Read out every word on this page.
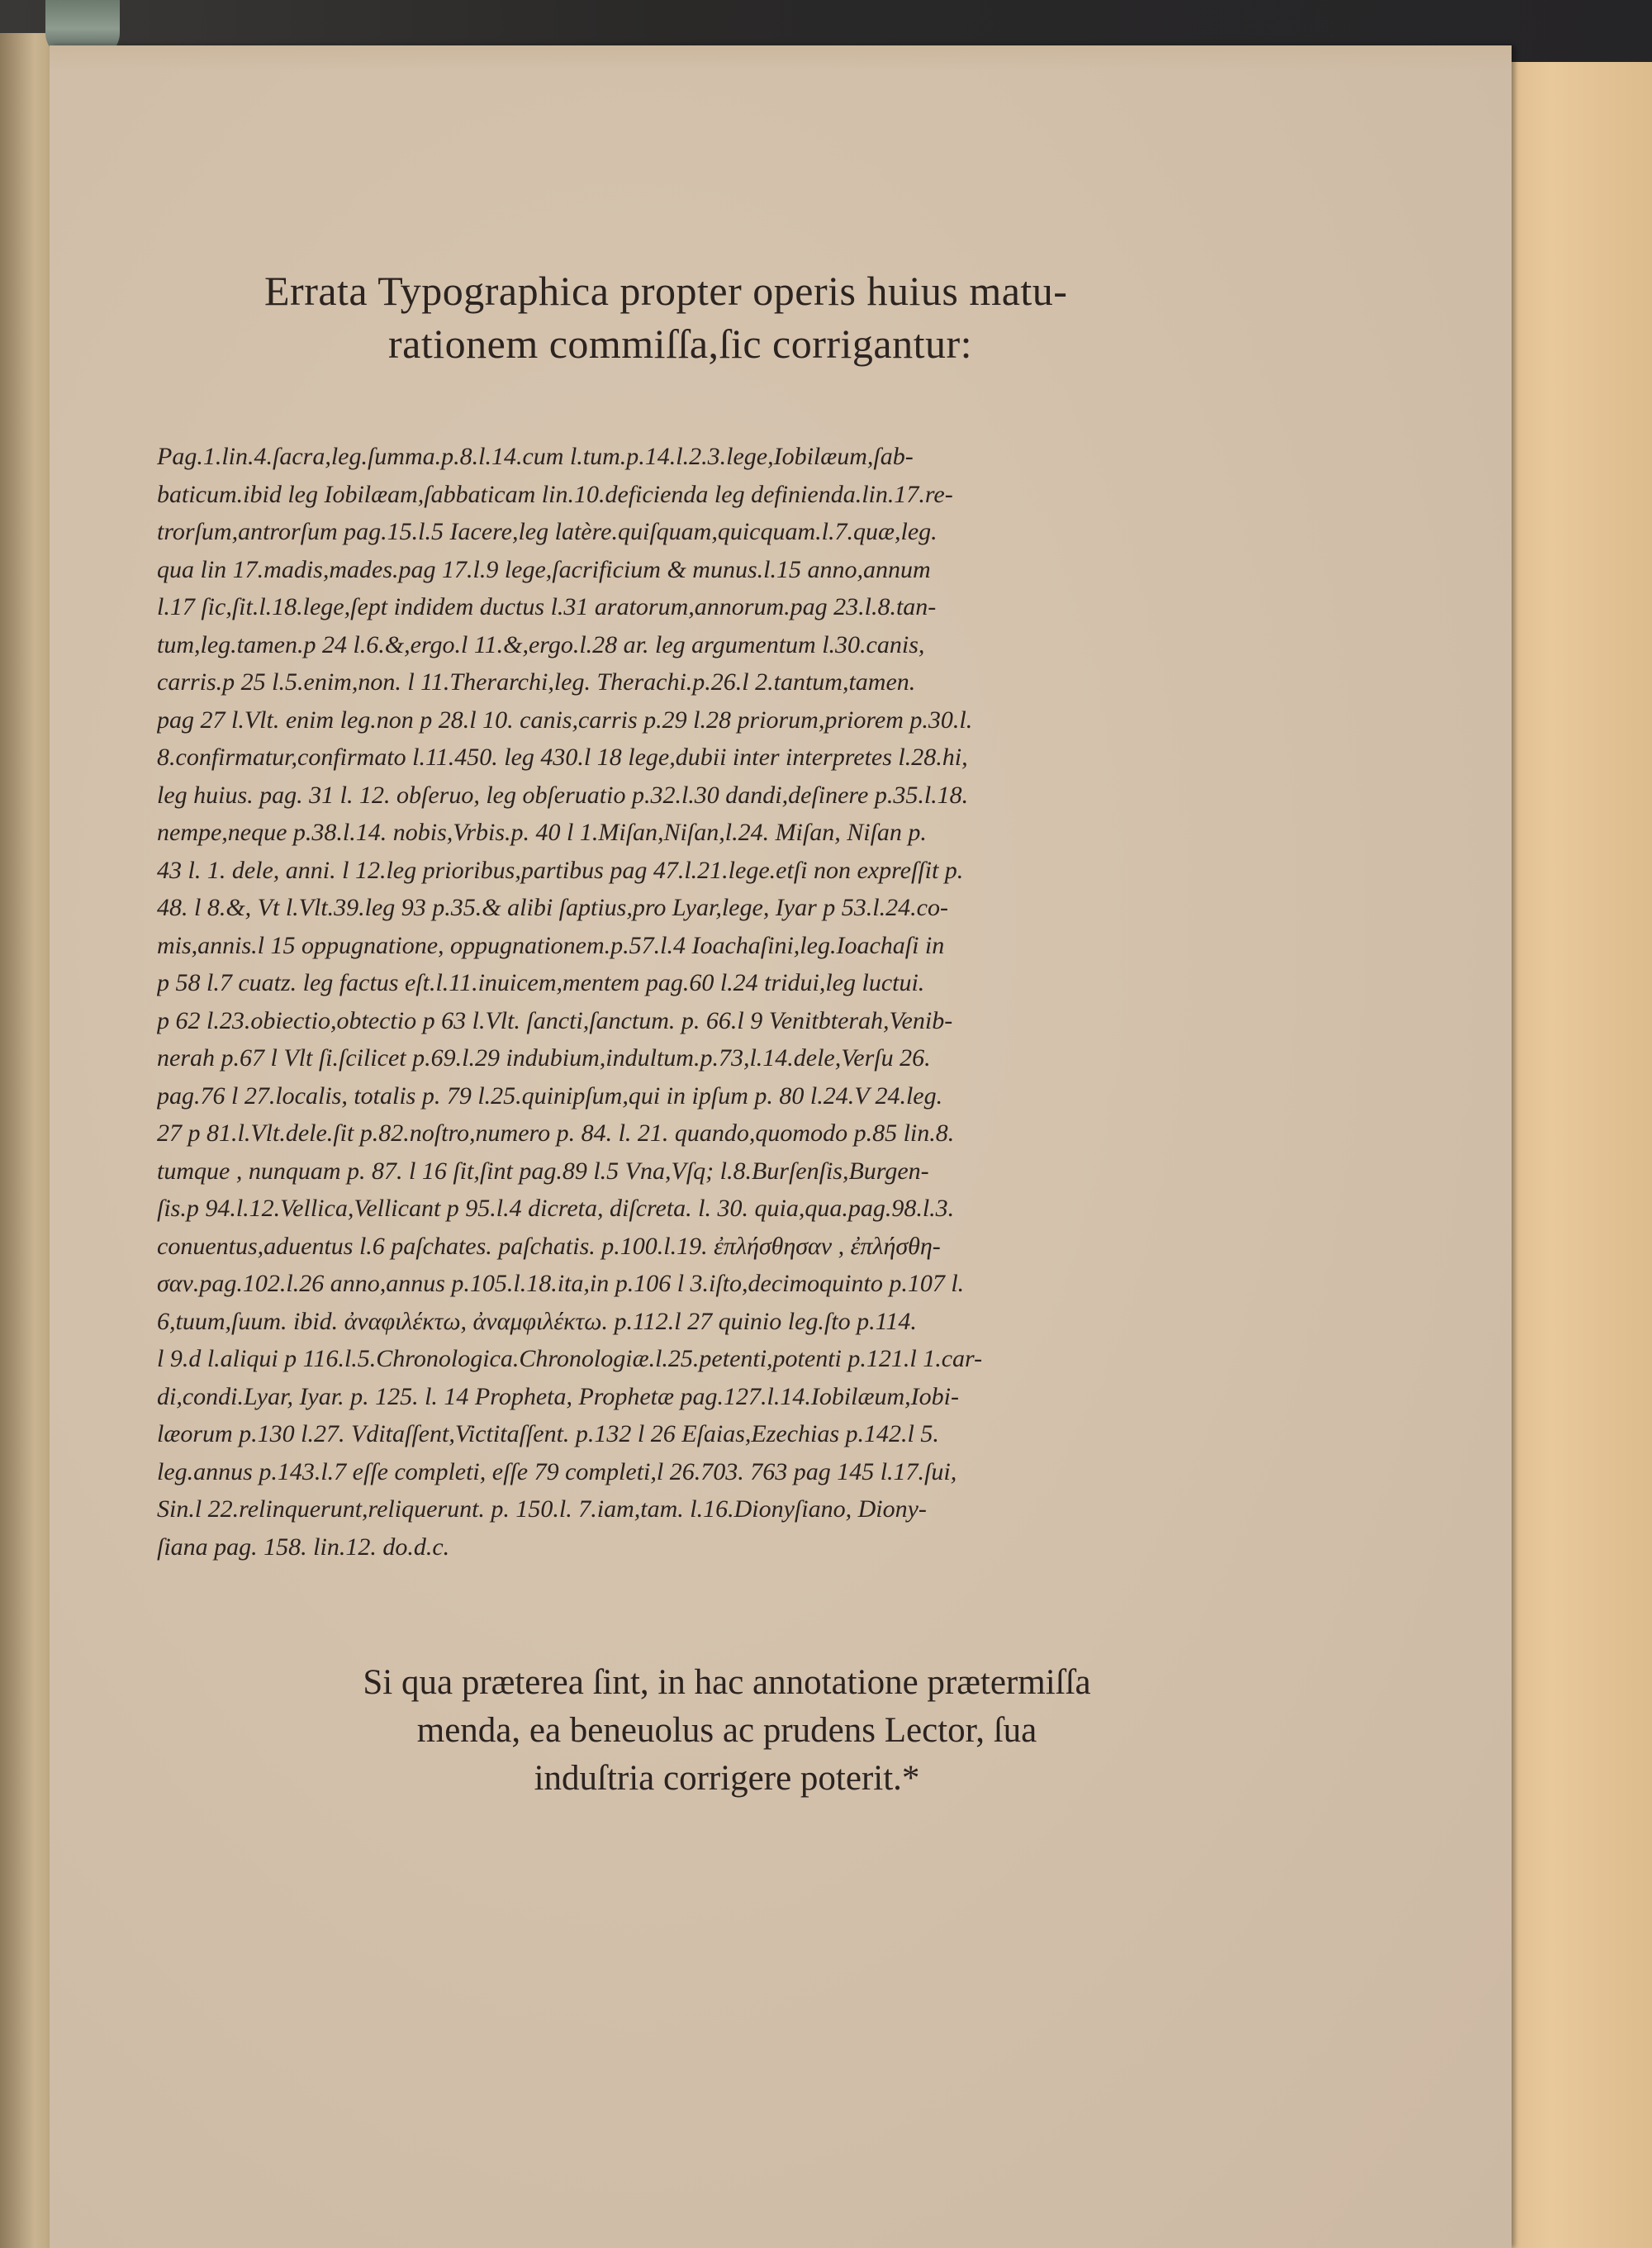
Errata Typographica propter operis huius matu-
rationem commiſſa,ſic corrigantur:
Pag.1.lin.4.ſacra,leg.ſumma.p.8.l.14.cum l.tum.p.14.l.2.3.lege,Iobilæum,ſab-
baticum.ibid leg Iobilæam,ſabbaticam lin.10.deficienda leg definienda.lin.17.re-
trorſum,antrorſum pag.15.l.5 Iacere,leg latère.quiſquam,quicquam.l.7.quæ,leg.
qua lin 17.madis,mades.pag 17.l.9 lege,ſacrificium & munus.l.15 anno,annum
l.17 ſic,ſit.l.18.lege,ſept indidem ductus l.31 aratorum,annorum.pag 23.l.8.tan-
tum,leg.tamen.p 24 l.6.&,ergo.l 11.&,ergo.l.28 ar. leg argumentum l.30.canis,
carris.p 25 l.5.enim,non. l 11.Therarchi,leg. Therachi.p.26.l 2.tantum,tamen.
pag 27 l.Vlt. enim leg.non p 28.l 10. canis,carris p.29 l.28 priorum,priorem p.30.l.
8.confirmatur,confirmato l.11.450. leg 430.l 18 lege,dubii inter interpretes l.28.hi,
leg huius. pag. 31 l. 12. obſeruo, leg obſeruatio p.32.l.30 dandi,deſinere p.35.l.18.
nempe,neque p.38.l.14. nobis,Vrbis.p. 40 l 1.Miſan,Niſan,l.24. Miſan, Niſan p.
43 l. 1. dele, anni. l 12.leg prioribus,partibus pag 47.l.21.lege.etſi non expreſſit p.
48. l 8.&, Vt l.Vlt.39.leg 93 p.35.& alibi ſaptius,pro Lyar,lege, Iyar p 53.l.24.co-
mis,annis.l 15 oppugnatione, oppugnationem.p.57.l.4 Ioachaſini,leg.Ioachaſi in
p 58 l.7 cuatz. leg factus eſt.l.11.inuicem,mentem pag.60 l.24 tridui,leg luctui.
p 62 l.23.obiectio,obtectio p 63 l.Vlt. ſancti,ſanctum. p. 66.l 9 Venitbterah,Venib-
nerah p.67 l Vlt ſi.ſcilicet p.69.l.29 indubium,indultum.p.73,l.14.dele,Verſu 26.
pag.76 l 27.localis, totalis p. 79 l.25.quinipſum,qui in ipſum p. 80 l.24.V 24.leg.
27 p 81.l.Vlt.dele.ſit p.82.noſtro,numero p. 84. l. 21. quando,quomodo p.85 lin.8.
tumque , nunquam p. 87. l 16 ſit,ſint pag.89 l.5 Vna,Vſq; l.8.Burſenſis,Burgen-
ſis.p 94.l.12.Vellica,Vellicant p 95.l.4 dicreta, diſcreta. l. 30. quia,qua.pag.98.l.3.
conuentus,aduentus l.6 paſchates. paſchatis. p.100.l.19. ἐπλήσθησαν , ἐπλήσθη-
σαν.pag.102.l.26 anno,annus p.105.l.18.ita,in p.106 l 3.iſto,decimoquinto p.107 l.
6,tuum,ſuum. ibid. ἀναφιλέκτω, ἀναμφιλέκτω. p.112.l 27 quinio leg.ſto p.114.
l 9.d l.aliqui p 116.l.5.Chronologica.Chronologiæ.l.25.petenti,potenti p.121.l 1.car-
di,condi.Lyar, Iyar. p. 125. l. 14 Propheta, Prophetæ pag.127.l.14.Iobilæum,Iobi-
læorum p.130 l.27. Vditaſſent,Victitaſſent. p.132 l 26 Eſaias,Ezechias p.142.l 5.
leg.annus p.143.l.7 eſſe completi, eſſe 79 completi,l 26.703. 763 pag 145 l.17.ſui,
Sin.l 22.relinquerunt,reliquerunt. p. 150.l. 7.iam,tam. l.16.Dionyſiano, Diony-
ſiana pag. 158. lin.12. do.d.c.
Si qua præterea ſint, in hac annotatione prætermiſſa
menda, ea beneuolus ac prudens Lector, ſua
induſtria corrigere poterit.*
